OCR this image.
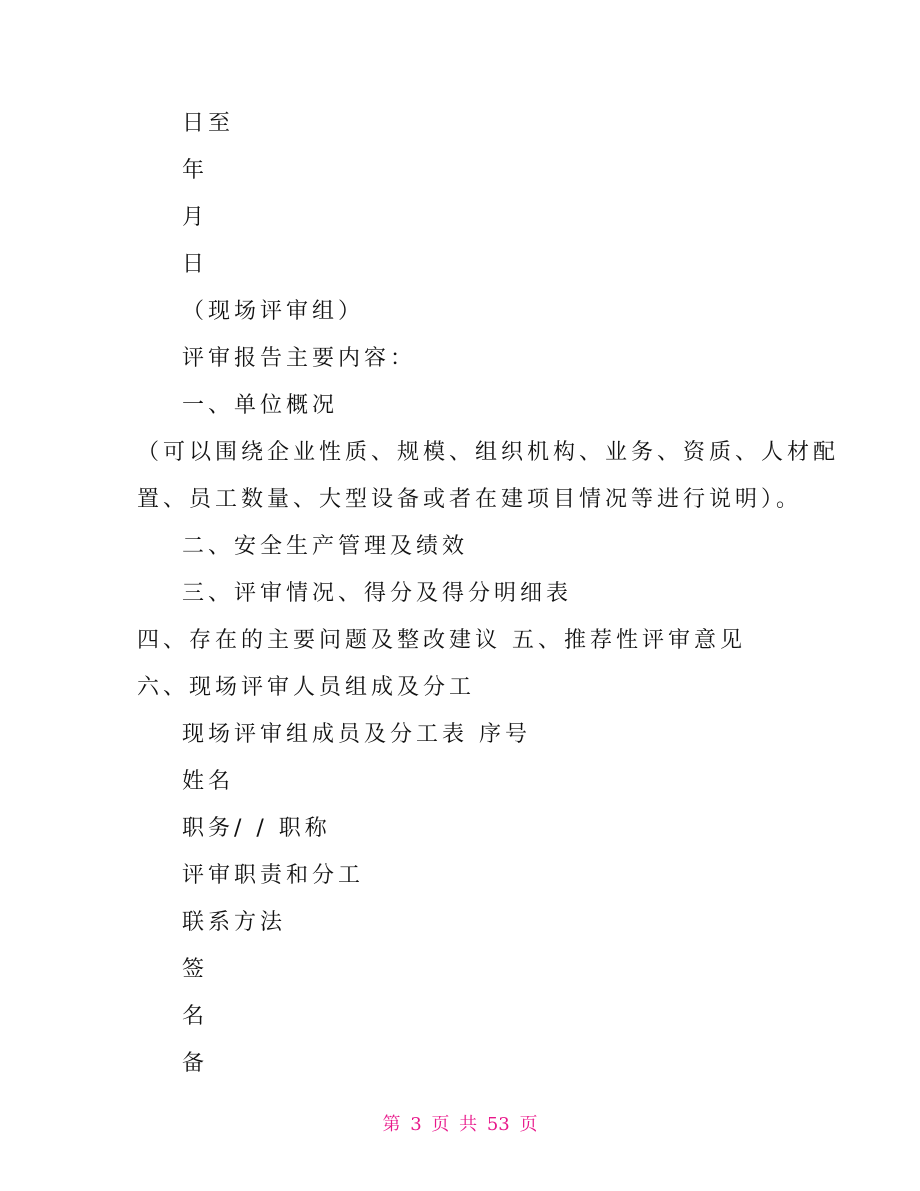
日至
年
月
日
（现场评审组）
评审报告主要内容：
一、单位概况
（可以围绕企业性质、规模、组织机构、业务、资质、人材配
置、员工数量、大型设备或者在建项目情况等进行说明）。
二、安全生产管理及绩效
三、评审情况、得分及得分明细表
四、存在的主要问题及整改建议 五、推荐性评审意见
六、现场评审人员组成及分工
现场评审组成员及分工表 序号
姓名
职务/ / 职称
评审职责和分工
联系方法
签
名
备
第 3 页 共 53 页
